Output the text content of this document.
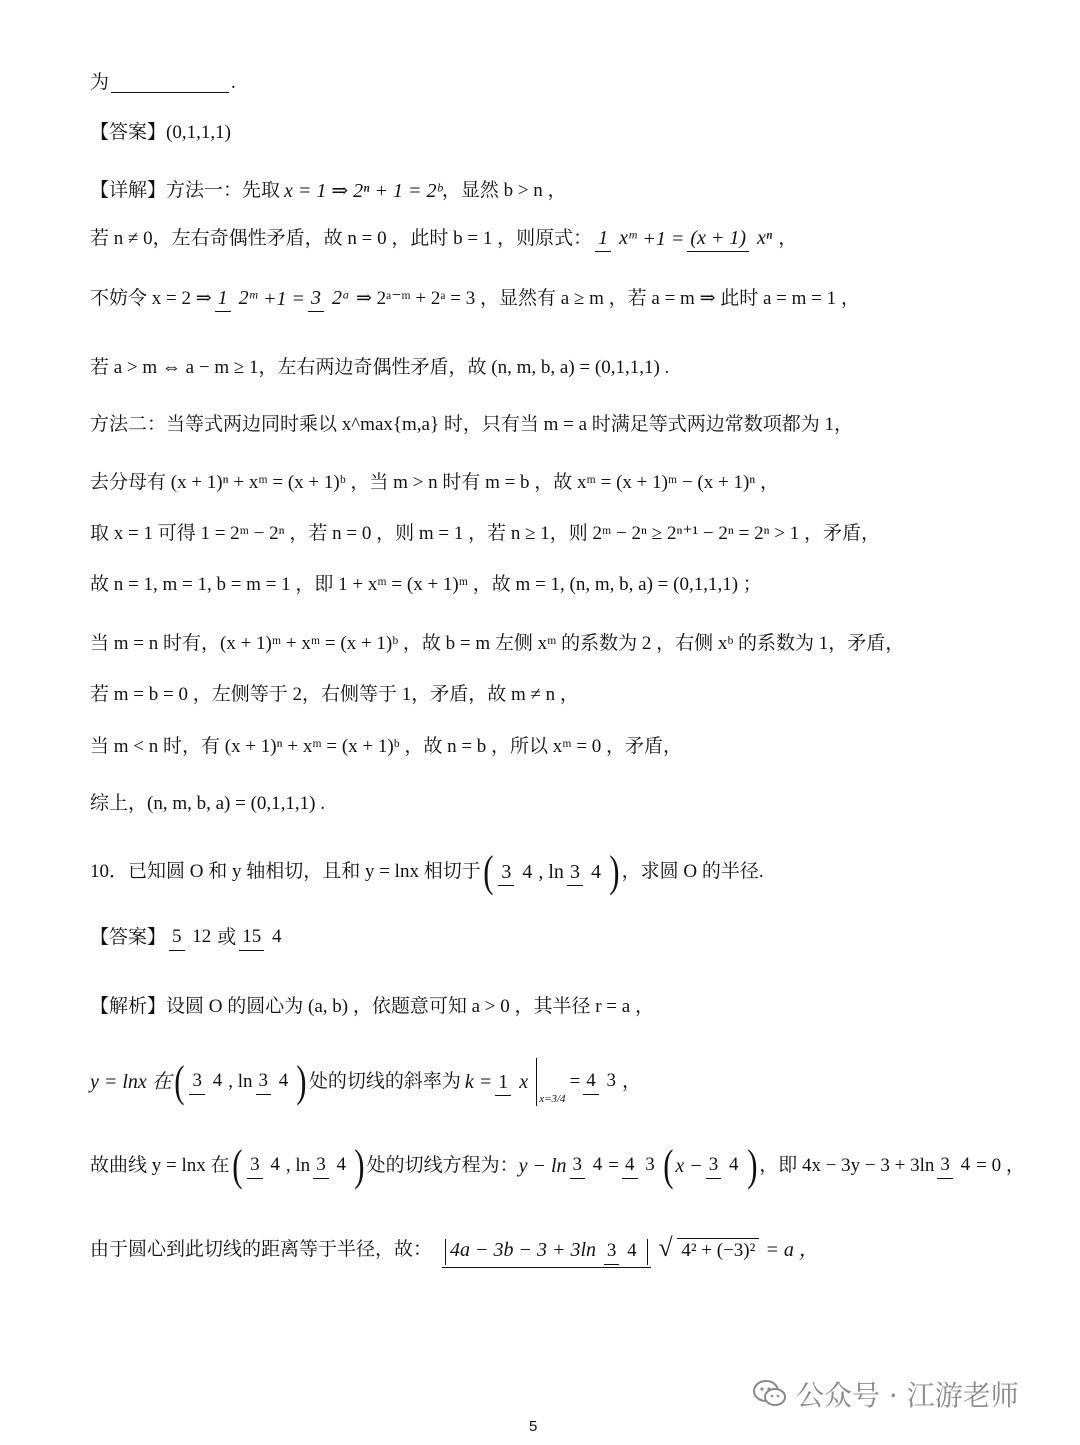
为	.
【答案】 (0,1,1,1)
【详解】 方法一：先取 x = 1 ⇒ 2ⁿ + 1 = 2ᵇ ，显然 b > n ，
若 n ≠ 0，左右奇偶性矛盾，故 n = 0 ，此时 b = 1 ，则原式： 1 xᵐ +1 = (x + 1) xⁿ ，
不妨令 x = 2 ⇒ 1 2ᵐ +1 = 3 2ᵃ ⇒ 2ᵃ⁻ᵐ + 2ᵃ = 3 ，显然有 a ≥ m ，若 a = m ⇒ 此时 a = m = 1 ，
若 a > m ⇔ a − m ≥ 1，左右两边奇偶性矛盾，故 (n, m, b, a) = (0,1,1,1) .
方法二：当等式两边同时乘以 x^max{m,a} 时，只有当 m = a 时满足等式两边常数项都为 1，
去分母有 (x + 1)ⁿ + xᵐ = (x + 1)ᵇ ，当 m > n 时有 m = b ，故 xᵐ = (x + 1)ᵐ − (x + 1)ⁿ ，
取 x = 1 可得 1 = 2ᵐ − 2ⁿ ，若 n = 0 ，则 m = 1 ，若 n ≥ 1，则 2ᵐ − 2ⁿ ≥ 2ⁿ⁺¹ − 2ⁿ = 2ⁿ > 1 ，矛盾，
故 n = 1, m = 1, b = m = 1 ，即 1 + xᵐ = (x + 1)ᵐ ，故 m = 1, (n, m, b, a) = (0,1,1,1) ；
当 m = n 时有，(x + 1)ᵐ + xᵐ = (x + 1)ᵇ ，故 b = m 左侧 xᵐ 的系数为 2 ，右侧 xᵇ 的系数为 1，矛盾，
若 m = b = 0 ，左侧等于 2，右侧等于 1，矛盾，故 m ≠ n ，
当 m < n 时，有 (x + 1)ⁿ + xᵐ = (x + 1)ᵇ ，故 n = b ，所以 xᵐ = 0 ，矛盾，
综上，(n, m, b, a) = (0,1,1,1) .
10．已知圆 O 和 y 轴相切，且和 y = lnx 相切于 ( 3 4 , ln 3 4 ) ，求圆 O 的半径.
【答案】 5 12 或 15 4
【解析】 设圆 O 的圆心为 (a, b) ，依题意可知 a > 0 ，其半径 r = a ，
y = lnx 在 ( 3 4 , ln 3 4 ) 处的切线的斜率为 k = 1 x
x=3/4
= 4 3 ，
故曲线 y = lnx 在 ( 3 4 , ln 3 4 ) 处的切线方程为： y − ln 3 4 = 4 3 ( x − 3 4 ) ，即 4x − 3y − 3 + 3ln 3 4 = 0 ，
由于圆心到此切线的距离等于半径，故： 4a − 3b − 3 + 3ln 3 4 √ 4² + (−3)² = a ，
公众号 · 江游老师
5
